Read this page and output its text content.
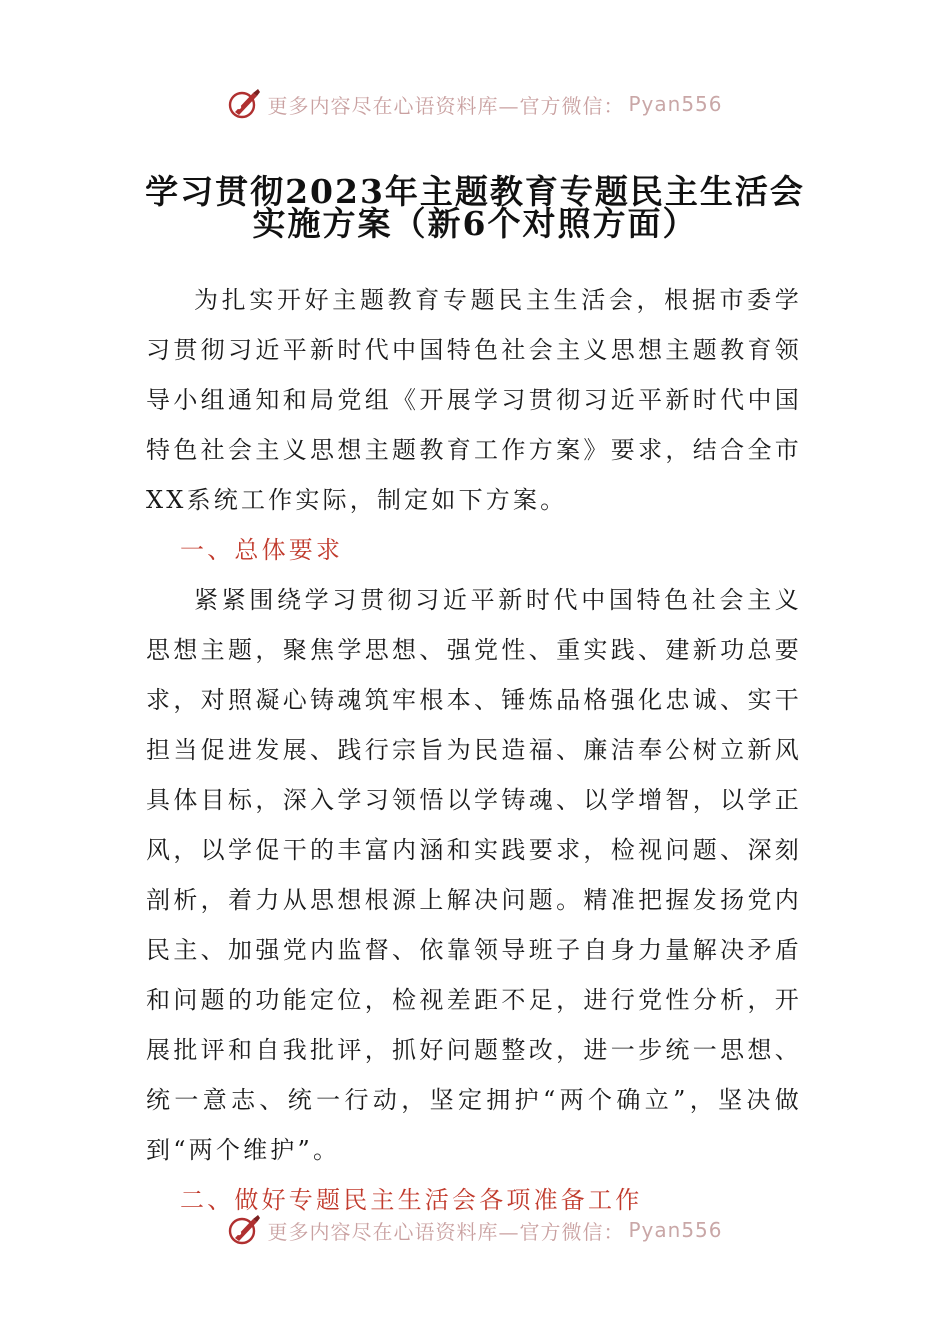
更多内容尽在心语资料库—官方微信： Pyan556
学习贯彻2023年主题教育专题民主生活会
实施方案（新6个对照方面）

为扎实开好主题教育专题民主生活会，根据市委学习贯彻习近平新时代中国特色社会主义思想主题教育领导小组通知和局党组《开展学习贯彻习近平新时代中国特色社会主义思想主题教育工作方案》要求，结合全市XX系统工作实际，制定如下方案。

一、总体要求

紧紧围绕学习贯彻习近平新时代中国特色社会主义思想主题，聚焦学思想、强党性、重实践、建新功总要求，对照凝心铸魂筑牢根本、锤炼品格强化忠诚、实干担当促进发展、践行宗旨为民造福、廉洁奉公树立新风具体目标，深入学习领悟以学铸魂、以学增智，以学正风，以学促干的丰富内涵和实践要求，检视问题、深刻剖析，着力从思想根源上解决问题。精准把握发扬党内民主、加强党内监督、依靠领导班子自身力量解决矛盾和问题的功能定位，检视差距不足，进行党性分析，开展批评和自我批评，抓好问题整改，进一步统一思想、统一意志、统一行动，坚定拥护“两个确立”，坚决做到“两个维护”。

二、做好专题民主生活会各项准备工作
更多内容尽在心语资料库—官方微信： Pyan556
